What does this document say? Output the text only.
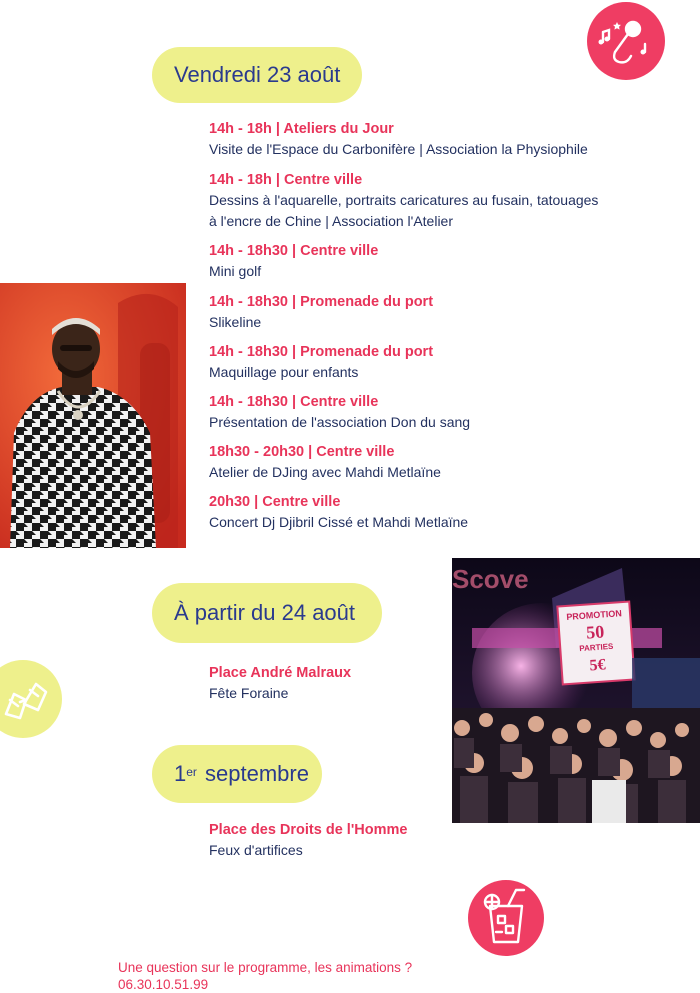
Vendredi 23 août
14h - 18h | Ateliers du Jour
Visite de l'Espace du Carbonifère | Association la Physiophile
14h - 18h | Centre ville
Dessins à l'aquarelle, portraits caricatures au fusain, tatouages
à l'encre de Chine | Association l'Atelier
14h - 18h30 | Centre ville
Mini golf
14h - 18h30 | Promenade du port
Slikeline
14h - 18h30 | Promenade du port
Maquillage pour enfants
14h - 18h30 | Centre ville
Présentation de l'association Don du sang
18h30 - 20h30 | Centre ville
Atelier de DJing avec Mahdi Metlaïne
20h30 | Centre ville
Concert Dj Djibril Cissé et Mahdi Metlaïne
À partir du 24 août
Place André Malraux
Fête Foraine
Scove
PROMOTION
50
PARTIES
5€
1er septembre
Place des Droits de l'Homme
Feux d'artifices
Une question sur le programme, les animations ?
06.30.10.51.99
